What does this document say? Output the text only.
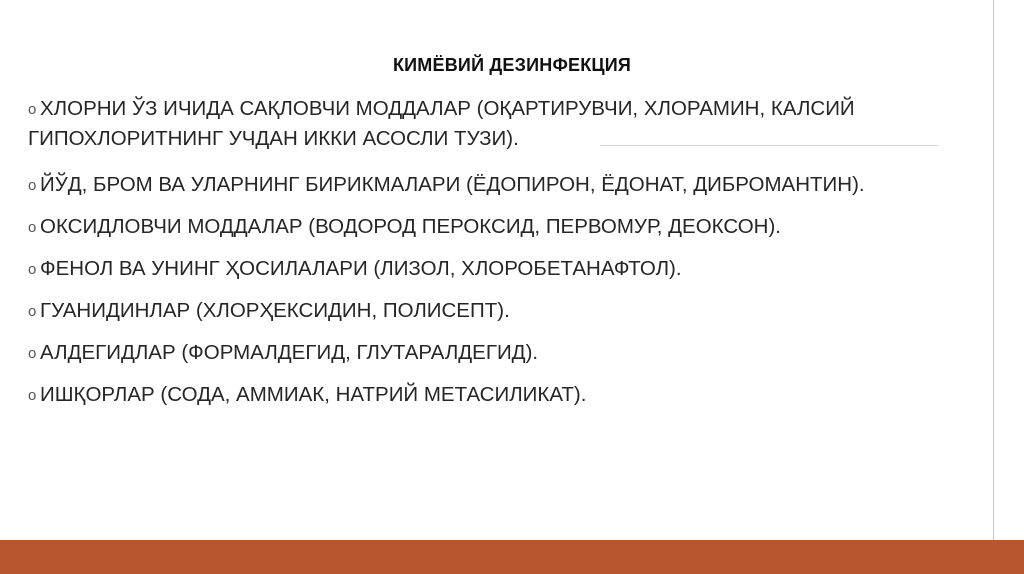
КИМЁВИЙ ДЕЗИНФЕКЦИЯ
o ХЛОРНИ ЎЗ ИЧИДА САҚЛОВЧИ МОДДАЛАР (ОҚАРТИРУВЧИ, ХЛОРАМИН, КАЛСИЙ ГИПОХЛОРИТНИНГ УЧДАН ИККИ АСОСЛИ ТУЗИ).
o ЙЎД, БРОМ ВА УЛАРНИНГ БИРИКМАЛАРИ (ЁДОПИРОН, ЁДОНАТ, ДИБРОМАНТИН).
o ОКСИДЛОВЧИ МОДДАЛАР (ВОДОРОД ПЕРОКСИД, ПЕРВОМУР, ДЕОКСОН).
o ФЕНОЛ ВА УНИНГ ҲОСИЛАЛАРИ (ЛИЗОЛ, ХЛОРОБЕТАНАФТОЛ).
o ГУАНИДИНЛАР (ХЛОРҲЕКСИДИН, ПОЛИСЕПТ).
o АЛДЕГИДЛАР (ФОРМАЛДЕГИД, ГЛУТАРАЛДЕГИД).
o ИШҚОРЛАР (СОДА, АММИАК, НАТРИЙ МЕТАСИЛИКАТ).
